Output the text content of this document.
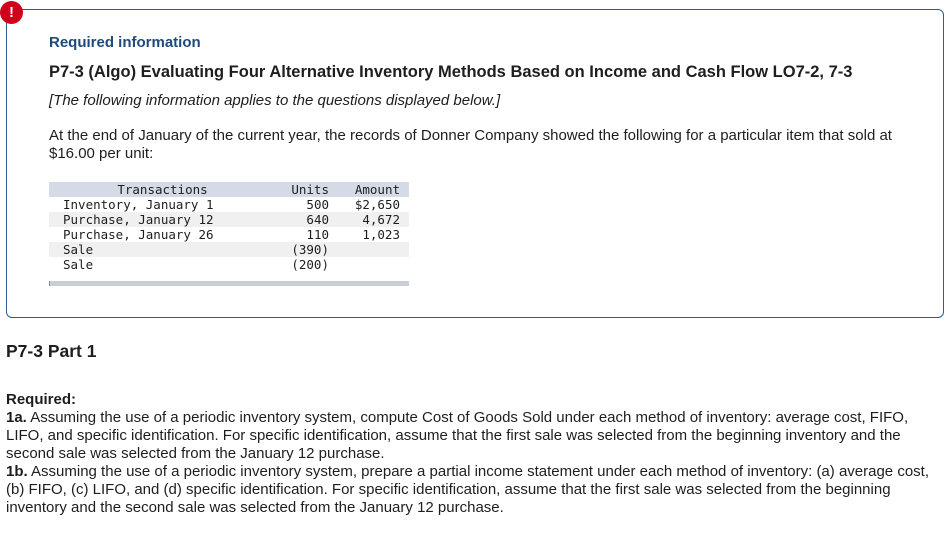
!
Required information
P7-3 (Algo) Evaluating Four Alternative Inventory Methods Based on Income and Cash Flow LO7-2, 7-3
[The following information applies to the questions displayed below.]
At the end of January of the current year, the records of Donner Company showed the following for a particular item that sold at $16.00 per unit:
Transactions	Units	Amount
Inventory, January 1	500	$2,650
Purchase, January 12	640	4,672
Purchase, January 26	110	1,023
Sale	(390)
Sale	(200)
P7-3 Part 1

Required:

1a. Assuming the use of a periodic inventory system, compute Cost of Goods Sold under each method of inventory: average cost, FIFO, LIFO, and specific identification. For specific identification, assume that the first sale was selected from the beginning inventory and the second sale was selected from the January 12 purchase.

1b. Assuming the use of a periodic inventory system, prepare a partial income statement under each method of inventory: (a) average cost, (b) FIFO, (c) LIFO, and (d) specific identification. For specific identification, assume that the first sale was selected from the beginning inventory and the second sale was selected from the January 12 purchase.
